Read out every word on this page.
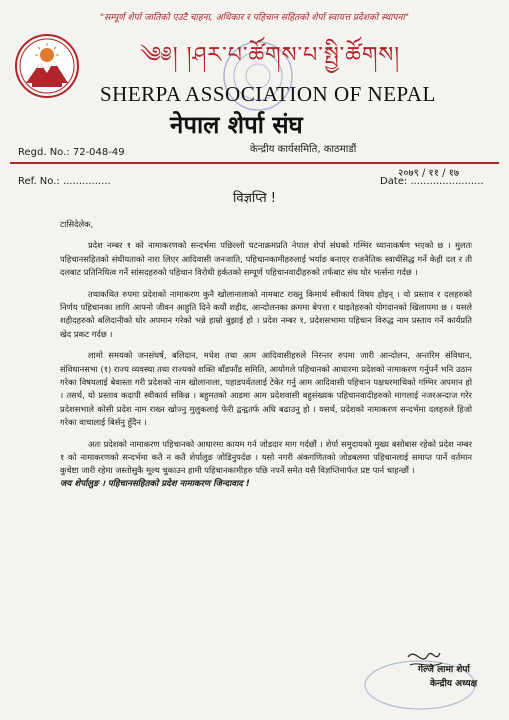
"सम्पूर्ण शेर्पा जातिको एउटै चाहना, अधिकार र पहिचान सहितको शेर्पा स्वायत्त प्रदेशको स्थापना"
༄༅། །ཤར་པ་ཚོགས་པ་སྤྱི་ཚོགས།
SHERPA ASSOCIATION OF NEPAL
नेपाल शेर्पा संघ
केन्द्रीय कार्यसमिति, काठमाडौं
Regd. No.: 72-048-49
Ref. No.: ...............
२०७९ / ११ / १७
Date: .......................
विज्ञप्ति !

टासिदेलेक,

प्रदेश नम्बर १ को नामाकरणको सन्दर्भमा पछिल्लो घटनाक्रमप्रति नेपाल शेर्पा संघको गम्भिर ध्यानाकर्षण भएको छ । मुलतः पहिचानसहितको संघीयताको नारा लिएर आदिवासी जनजाति, पहिचानकामीहरुलाई भर्याङ बनाएर राजनैतिक स्वार्थसिद्ध गर्ने केही दल र ती दलबाट प्रतिनिधित्व गर्ने सांसदहरुको पहिचान विरोधी हर्कतको सम्पूर्ण पहिचानवादीहरुको तर्फबाट संघ घोर भर्त्सना गर्दछ ।

तथाकथित रुपमा प्रदेशको नामाकरण कुनै खोलानालाको नामबाट राख्नु किमार्थ स्वीकार्य विषय होइन् । यो प्रस्ताव र दलहरुको निर्णय पहिचानका लागि आफ्नो जीवन आहुति दिने कयौं शहीद, आन्दोलनका क्रममा बेपत्ता र घाइतेहरुको योगदानको खिलापमा छ । यसले शहीदहरुको बलिदानीको घोर अपमान गरेको भन्ने हाम्रो बुझाई हो । प्रदेश नम्बर १, प्रदेशसभामा पहिचान विरुद्ध नाम प्रस्ताव गर्ने कार्यप्रति खेद प्रकट गर्दछ ।

लामो समयको जनसंघर्ष, बलिदान, मधेश तथा आम आदिवासीहरुले निरन्तर रुपमा जारी आन्दोलन, अन्तरिम संविधान, संविधानसभा (१) राज्य व्यवस्था तथा राज्यको शक्ति बाँडफाँड समिति, आयोगले पहिचानको आधारमा प्रदेशको नामाकरण गर्नुपर्ने भनि उठान गरेका विषयलाई बेवास्ता गरी प्रदेशको नाम खोलानाला, पहाडपर्वतलाई टेकेर गर्नु आम आदिवासी पहिचान पक्षधरमाथिको गम्भिर अपमान हो । तसर्थ, यो प्रस्ताव कदापी स्वीकार्य सकिन्न । बहुमतको आडमा आम प्रदेशवासी बहुसंख्यक पहिचानवादीहरुको मागलाई नजरअन्दाज गरेर प्रदेशसभाले कोसी प्रदेश नाम राख्न खोज्नु मुलुकलाई फेरी द्वन्द्वतर्फ अघि बढाउनु हो । यसर्थ, प्रदेशको नामाकरण सन्दर्भमा दलहरुले हिजो गरेका वाचालाई बिर्सनु हुँदैन ।

अतः प्रदेशको नामाकरण पहिचानको आधारमा कायम गर्न जोडदार माग गर्दछौं । शेर्पा समुदायको मुख्य बसोबास रहेको प्रदेश नम्बर १ को नामाकरणको सन्दर्भमा कतै न कतै शेर्पालुङ जोडिनुपर्दछ । यसो नगरी अंकगणितको जोडबलमा पहिचानलाई समाप्त पार्ने वर्तमान कुचेष्टा जारी रहेमा जस्तोसुकै मूल्य चुकाउन हामी पहिचानकामीहरु पछि नपर्ने समेत यसै विज्ञप्तिमार्फत प्रष्ट पार्न चाहन्छौं ।

जय शेर्पालुङ । पहिचानसहितको प्रदेश नामाकरण जिन्दावाद !
गेल्जे लामा शेर्पा
केन्द्रीय अध्यक्ष
